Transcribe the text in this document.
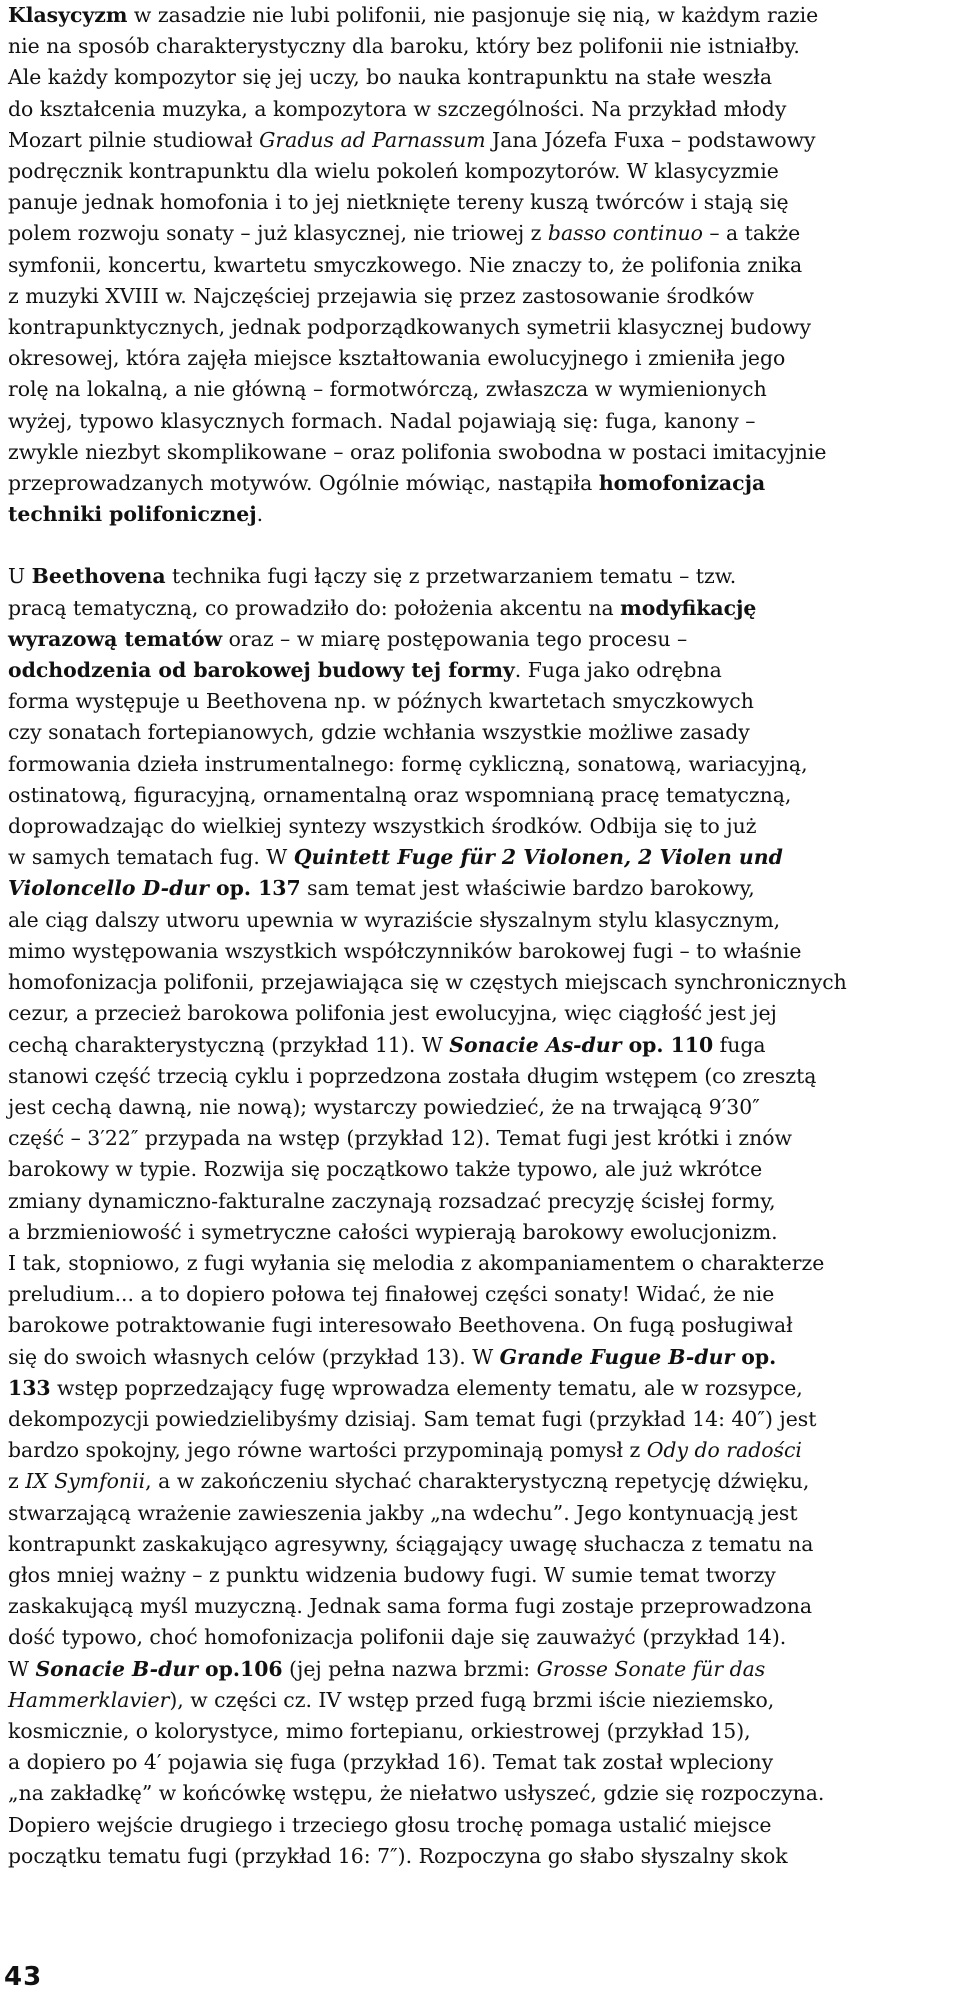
Klasycyzm w zasadzie nie lubi polifonii, nie pasjonuje się nią, w każdym razie
nie na sposób charakterystyczny dla baroku, który bez polifonii nie istniałby.
Ale każdy kompozytor się jej uczy, bo nauka kontrapunktu na stałe weszła
do kształcenia muzyka, a kompozytora w szczególności. Na przykład młody
Mozart pilnie studiował Gradus ad Parnassum Jana Józefa Fuxa – podstawowy
podręcznik kontrapunktu dla wielu pokoleń kompozytorów. W klasycyzmie
panuje jednak homofonia i to jej nietknięte tereny kuszą twórców i stają się
polem rozwoju sonaty – już klasycznej, nie triowej z basso continuo – a także
symfonii, koncertu, kwartetu smyczkowego. Nie znaczy to, że polifonia znika
z muzyki XVIII w. Najczęściej przejawia się przez zastosowanie środków
kontrapunktycznych, jednak podporządkowanych symetrii klasycznej budowy
okresowej, która zajęła miejsce kształtowania ewolucyjnego i zmieniła jego
rolę na lokalną, a nie główną – formotwórczą, zwłaszcza w wymienionych
wyżej, typowo klasycznych formach. Nadal pojawiają się: fuga, kanony –
zwykle niezbyt skomplikowane – oraz polifonia swobodna w postaci imitacyjnie
przeprowadzanych motywów. Ogólnie mówiąc, nastąpiła homofonizacja
techniki polifonicznej.

U Beethovena technika fugi łączy się z przetwarzaniem tematu – tzw.
pracą tematyczną, co prowadziło do: położenia akcentu na modyfikację
wyrazową tematów oraz – w miarę postępowania tego procesu –
odchodzenia od barokowej budowy tej formy. Fuga jako odrębna
forma występuje u Beethovena np. w późnych kwartetach smyczkowych
czy sonatach fortepianowych, gdzie wchłania wszystkie możliwe zasady
formowania dzieła instrumentalnego: formę cykliczną, sonatową, wariacyjną,
ostinatową, figuracyjną, ornamentalną oraz wspomnianą pracę tematyczną,
doprowadzając do wielkiej syntezy wszystkich środków. Odbija się to już
w samych tematach fug. W Quintett Fuge für 2 Violonen, 2 Violen und
Violoncello D-dur op. 137 sam temat jest właściwie bardzo barokowy,
ale ciąg dalszy utworu upewnia w wyraziście słyszalnym stylu klasycznym,
mimo występowania wszystkich współczynników barokowej fugi – to właśnie
homofonizacja polifonii, przejawiająca się w częstych miejscach synchronicznych
cezur, a przecież barokowa polifonia jest ewolucyjna, więc ciągłość jest jej
cechą charakterystyczną (przykład 11). W Sonacie As-dur op. 110 fuga
stanowi część trzecią cyklu i poprzedzona została długim wstępem (co zresztą
jest cechą dawną, nie nową); wystarczy powiedzieć, że na trwającą 9′30″
część – 3′22″ przypada na wstęp (przykład 12). Temat fugi jest krótki i znów
barokowy w typie. Rozwija się początkowo także typowo, ale już wkrótce
zmiany dynamiczno-fakturalne zaczynają rozsadzać precyzję ścisłej formy,
a brzmieniowość i symetryczne całości wypierają barokowy ewolucjonizm.
I tak, stopniowo, z fugi wyłania się melodia z akompaniamentem o charakterze
preludium... a to dopiero połowa tej finałowej części sonaty! Widać, że nie
barokowe potraktowanie fugi interesowało Beethovena. On fugą posługiwał
się do swoich własnych celów (przykład 13). W Grande Fugue B-dur op.
133 wstęp poprzedzający fugę wprowadza elementy tematu, ale w rozsypce,
dekompozycji powiedzielibyśmy dzisiaj. Sam temat fugi (przykład 14: 40″) jest
bardzo spokojny, jego równe wartości przypominają pomysł z Ody do radości
z IX Symfonii, a w zakończeniu słychać charakterystyczną repetycję dźwięku,
stwarzającą wrażenie zawieszenia jakby „na wdechu”. Jego kontynuacją jest
kontrapunkt zaskakująco agresywny, ściągający uwagę słuchacza z tematu na
głos mniej ważny – z punktu widzenia budowy fugi. W sumie temat tworzy
zaskakującą myśl muzyczną. Jednak sama forma fugi zostaje przeprowadzona
dość typowo, choć homofonizacja polifonii daje się zauważyć (przykład 14).
W Sonacie B-dur op.106 (jej pełna nazwa brzmi: Grosse Sonate für das
Hammerklavier), w części cz. IV wstęp przed fugą brzmi iście nieziemsko,
kosmicznie, o kolorystyce, mimo fortepianu, orkiestrowej (przykład 15),
a dopiero po 4′ pojawia się fuga (przykład 16). Temat tak został wpleciony
„na zakładkę” w końcówkę wstępu, że niełatwo usłyszeć, gdzie się rozpoczyna.
Dopiero wejście drugiego i trzeciego głosu trochę pomaga ustalić miejsce
początku tematu fugi (przykład 16: 7″). Rozpoczyna go słabo słyszalny skok

43
